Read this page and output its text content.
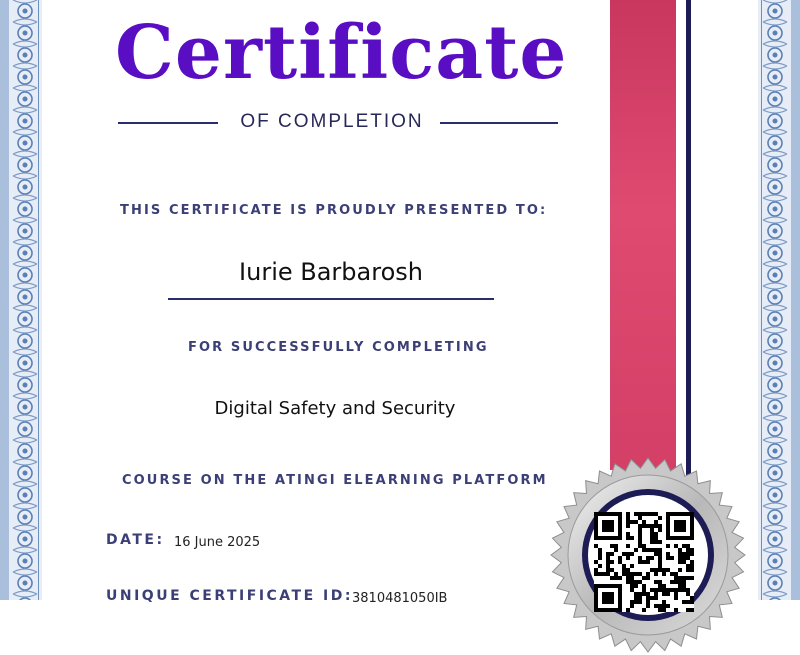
Certificate
OF COMPLETION
THIS CERTIFICATE IS PROUDLY PRESENTED TO:
Iurie Barbarosh
FOR SUCCESSFULLY COMPLETING
Digital Safety and Security
COURSE ON THE ATINGI ELEARNING PLATFORM
DATE: 16 June 2025
UNIQUE CERTIFICATE ID: 3810481050IB
